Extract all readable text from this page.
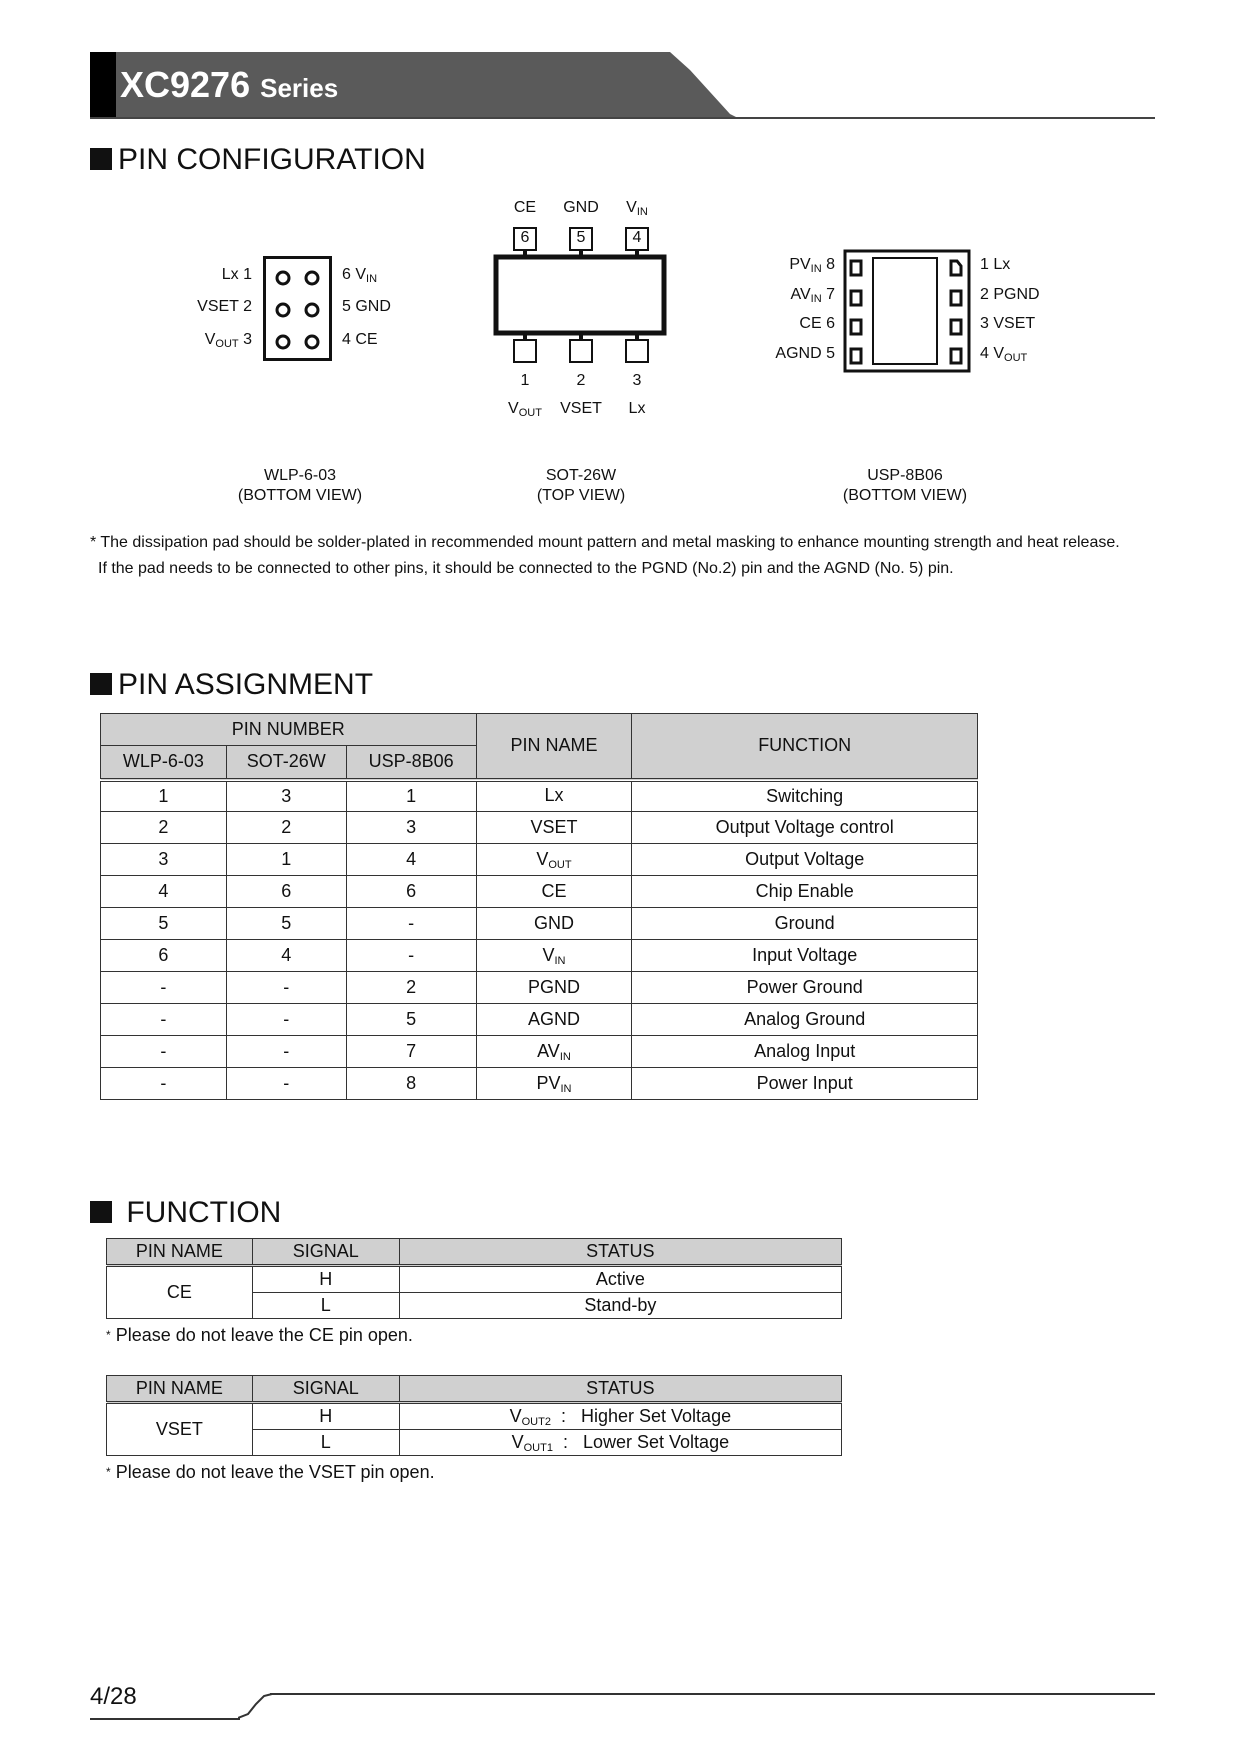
XC9276 Series
PIN CONFIGURATION
Lx 1
VSET 2
$V_{OUT}$ 3
6 $V_{IN}$
5 GND
4 CE
WLP-6-03
(BOTTOM VIEW)
CE	GND	$V_{IN}$
6	5	4
1	2	3
$V_{OUT}$	VSET	Lx
SOT-26W
(TOP VIEW)
$PV_{IN}$ 8
$AV_{IN}$ 7
CE 6
AGND 5
1 Lx
2 PGND
3 VSET
4 $V_{OUT}$
USP-8B06
(BOTTOM VIEW)
* The dissipation pad should be solder-plated in recommended mount pattern and metal masking to enhance mounting strength and heat release.
If the pad needs to be connected to other pins, it should be connected to the PGND (No.2) pin and the AGND (No. 5) pin.
PIN ASSIGNMENT
PIN NUMBER			PIN NAME	FUNCTION
WLP-6-03	SOT-26W	USP-8B06		
1	3	1	Lx	Switching
2	2	3	VSET	Output Voltage control
3	1	4	$V_{OUT}$	Output Voltage
4	6	6	CE	Chip Enable
5	5	-	GND	Ground
6	4	-	$V_{IN}$	Input Voltage
-	-	2	PGND	Power Ground
-	-	5	AGND	Analog Ground
-	-	7	$AV_{IN}$	Analog Input
-	-	8	$PV_{IN}$	Power Input
FUNCTION
PIN NAME	SIGNAL	STATUS
CE	H	Active
	L	Stand-by
* Please do not leave the CE pin open.
PIN NAME	SIGNAL	STATUS
VSET	H	$V_{OUT2}$ : Higher Set Voltage
	L	$V_{OUT1}$ : Lower Set Voltage
* Please do not leave the VSET pin open.
4/28
